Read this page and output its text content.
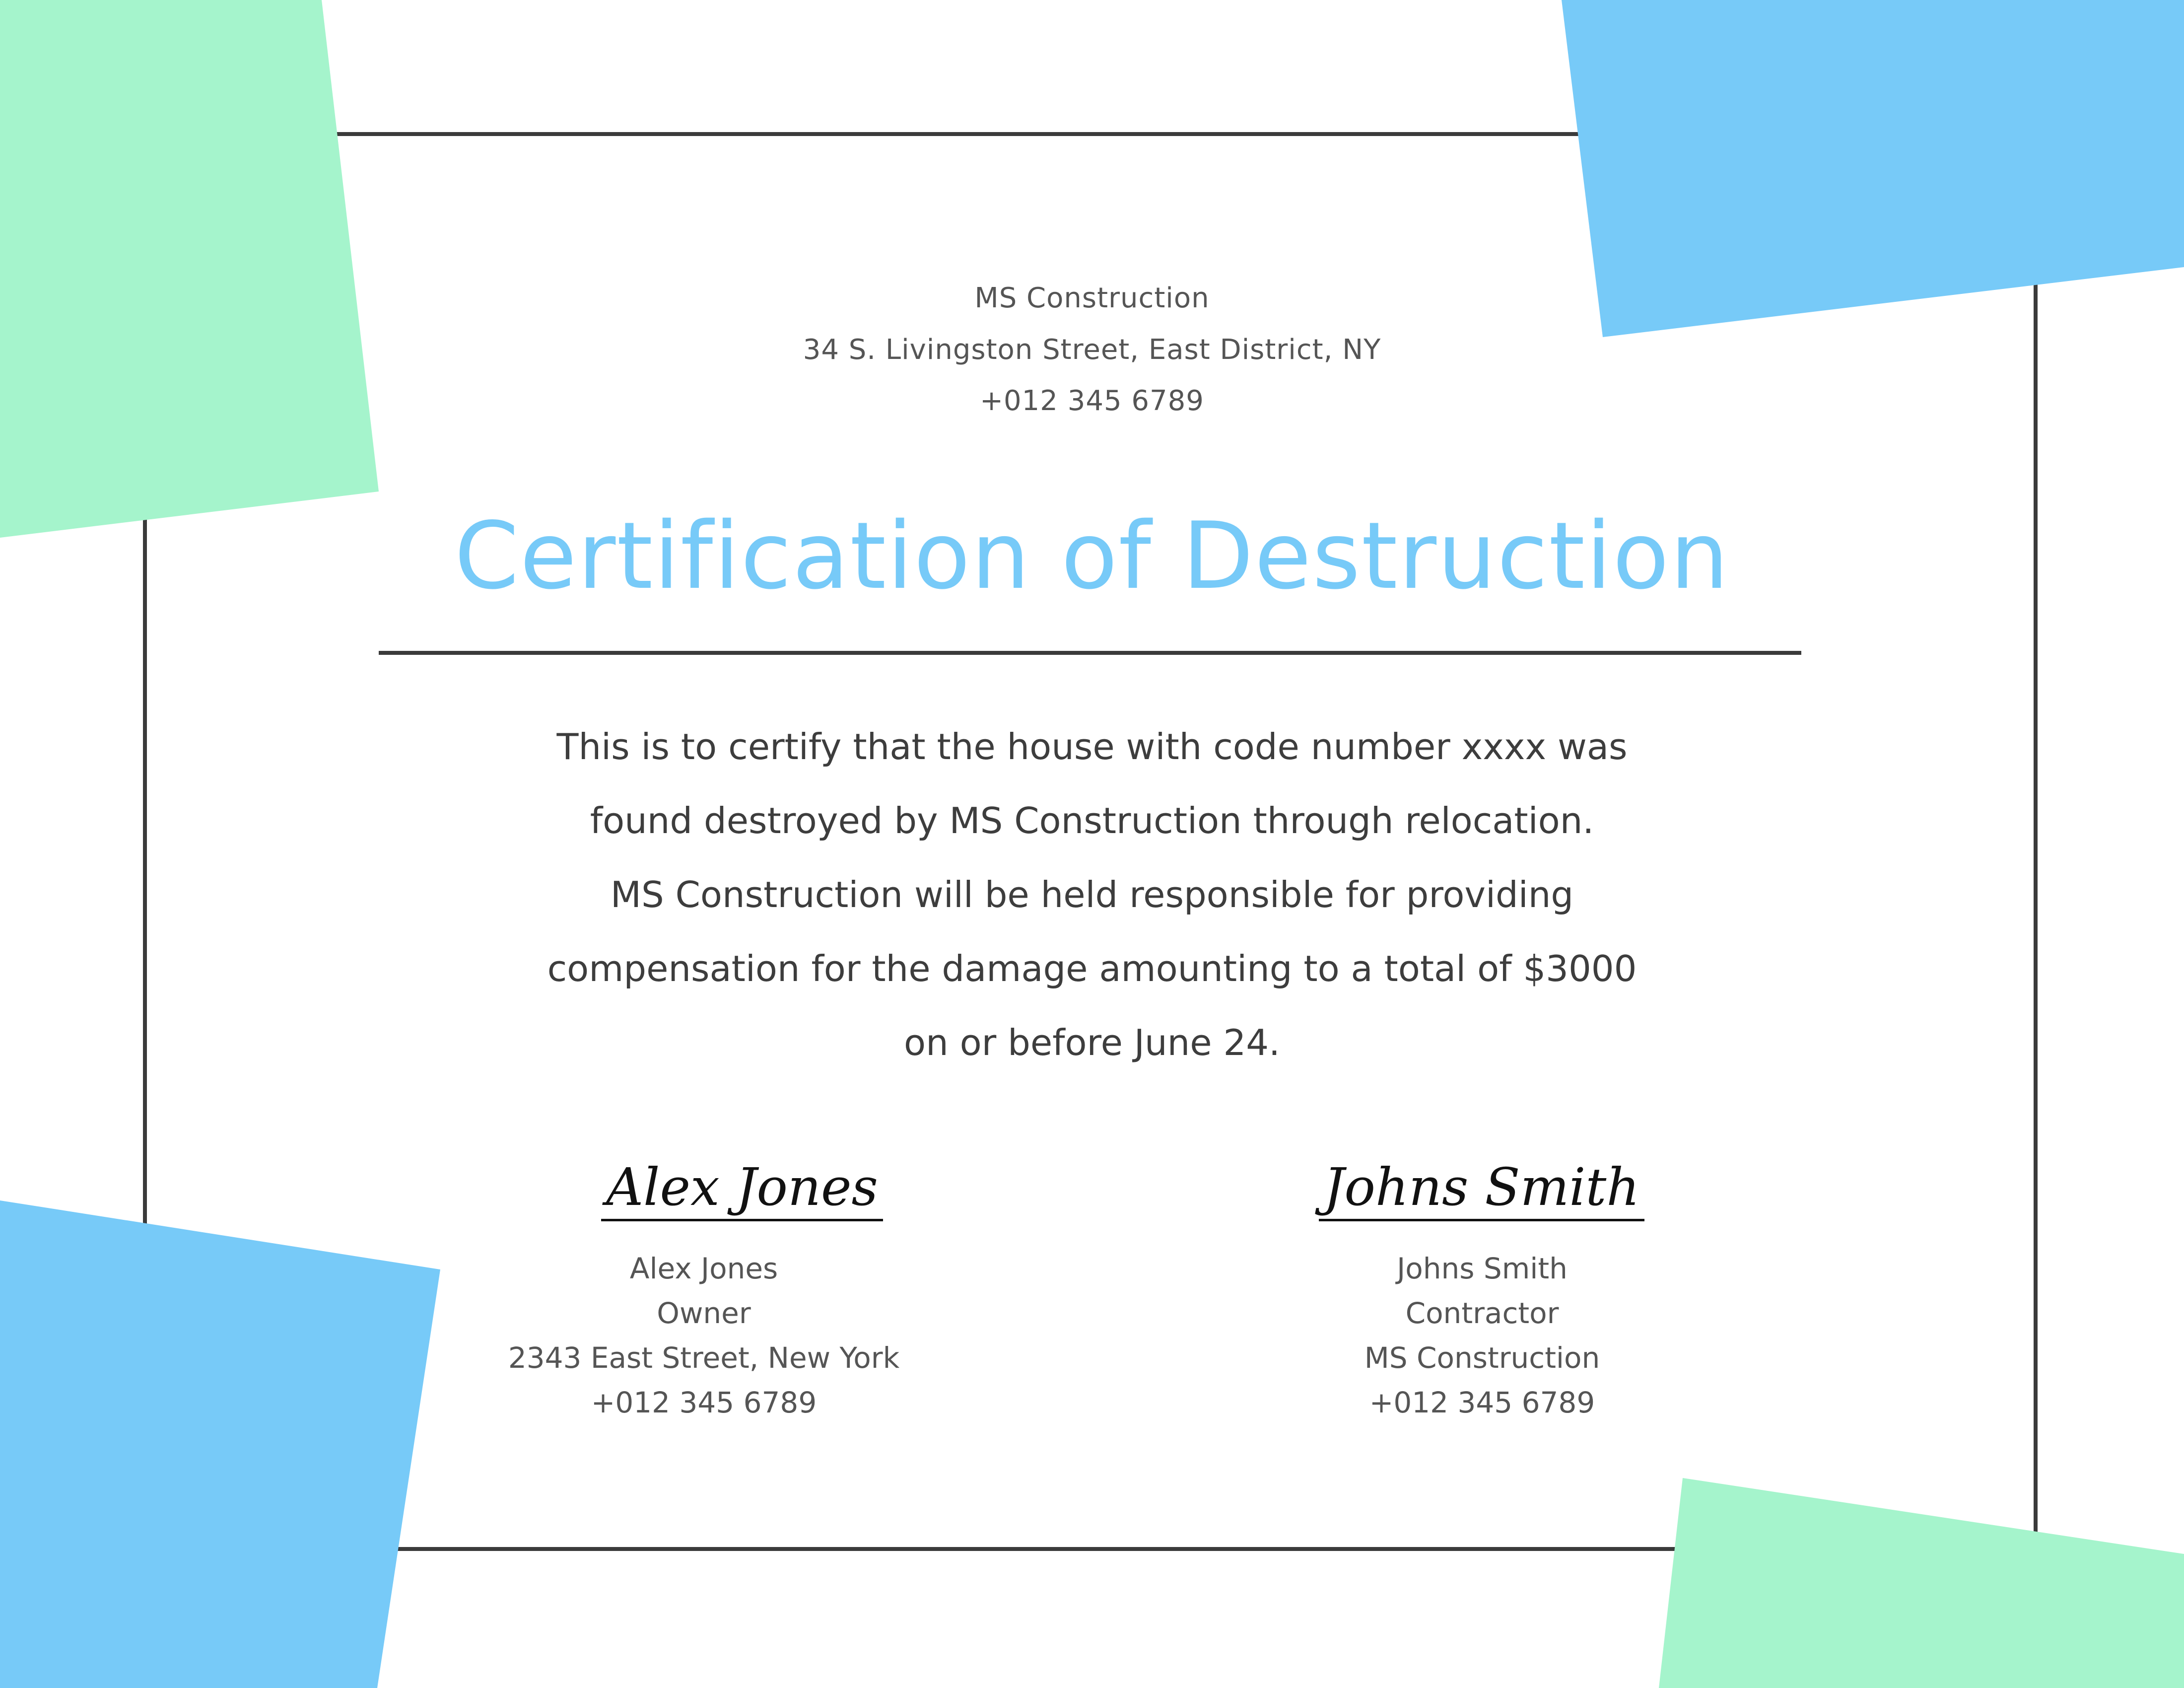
MS Construction
34 S. Livingston Street, East District, NY
+012 345 6789
Certification of Destruction
This is to certify that the house with code number xxxx was
found destroyed by MS Construction through relocation.
MS Construction will be held responsible for providing
compensation for the damage amounting to a total of $3000
on or before June 24.
Alex Jones
Alex Jones
Owner
2343 East Street, New York
+012 345 6789
Johns Smith
Johns Smith
Contractor
MS Construction
+012 345 6789
